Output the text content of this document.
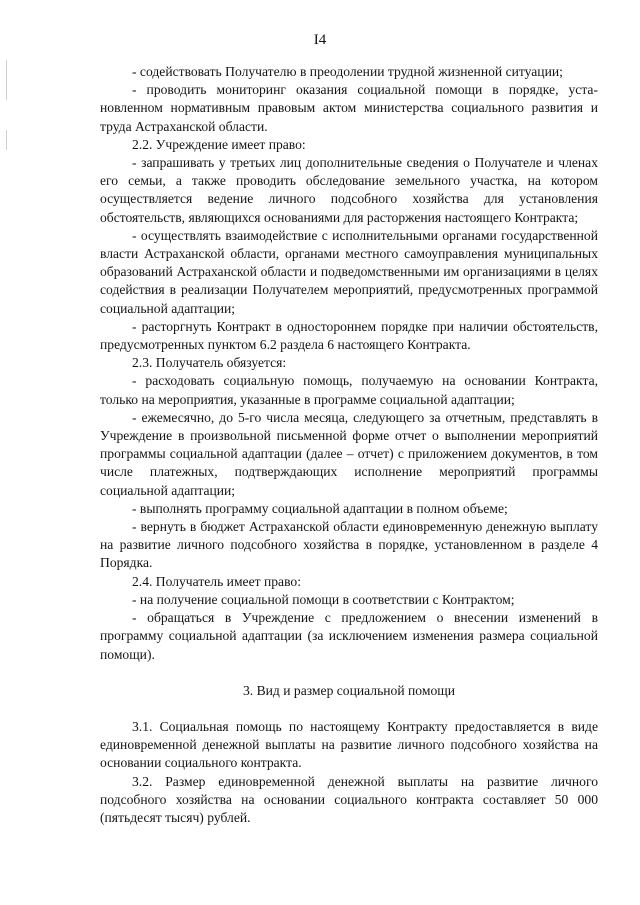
I4

- содействовать Получателю в преодолении трудной жизненной ситуации;

- проводить мониторинг оказания социальной помощи в порядке, установленном нормативным правовым актом министерства социального развития и труда Астраханской области.

2.2. Учреждение имеет право:

- запрашивать у третьих лиц дополнительные сведения о Получателе и членах его семьи, а также проводить обследование земельного участка, на котором осуществляется ведение личного подсобного хозяйства для установления обстоятельств, являющихся основаниями для расторжения настоящего Контракта;

- осуществлять взаимодействие с исполнительными органами государственной власти Астраханской области, органами местного самоуправления муниципальных образований Астраханской области и подведомственными им организациями в целях содействия в реализации Получателем мероприятий, предусмотренных программой социальной адаптации;

- расторгнуть Контракт в одностороннем порядке при наличии обстоятельств, предусмотренных пунктом 6.2 раздела 6 настоящего Контракта.

2.3. Получатель обязуется:

- расходовать социальную помощь, получаемую на основании Контракта, только на мероприятия, указанные в программе социальной адаптации;

- ежемесячно, до 5-го числа месяца, следующего за отчетным, представлять в Учреждение в произвольной письменной форме отчет о выполнении мероприятий программы социальной адаптации (далее – отчет) с приложением документов, в том числе платежных, подтверждающих исполнение мероприятий программы социальной адаптации;

- выполнять программу социальной адаптации в полном объеме;

- вернуть в бюджет Астраханской области единовременную денежную выплату на развитие личного подсобного хозяйства в порядке, установленном в разделе 4 Порядка.

2.4. Получатель имеет право:

- на получение социальной помощи в соответствии с Контрактом;

- обращаться в Учреждение с предложением о внесении изменений в программу социальной адаптации (за исключением изменения размера социальной помощи).

3. Вид и размер социальной помощи

3.1. Социальная помощь по настоящему Контракту предоставляется в виде единовременной денежной выплаты на развитие личного подсобного хозяйства на основании социального контракта.

3.2. Размер единовременной денежной выплаты на развитие личного подсобного хозяйства на основании социального контракта составляет 50 000 (пятьдесят тысяч) рублей.
